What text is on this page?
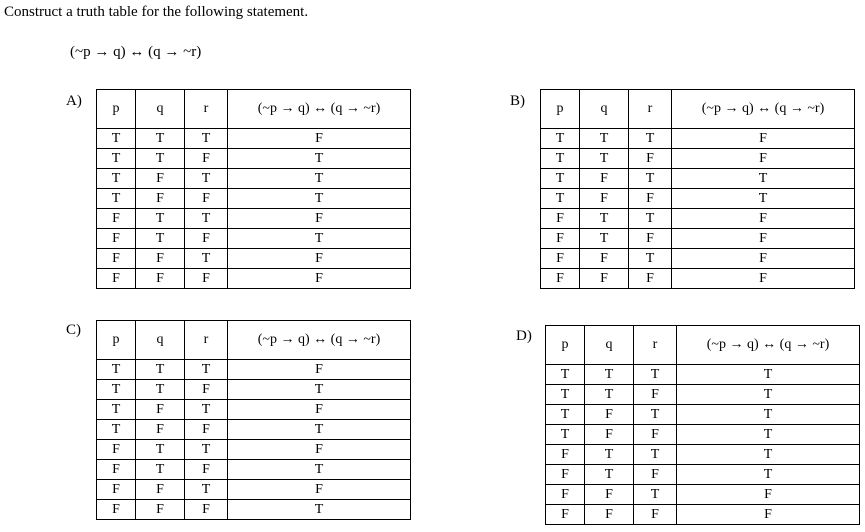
Construct a truth table for the following statement.
(~p → q) ↔ (q → ~r)
A) p	q	r	(~p → q) ↔ (q → ~r)
T	T	T	F
T	T	F	T
T	F	T	T
T	F	F	T
F	T	T	F
F	T	F	T
F	F	T	F
F	F	F	F
B) p	q	r	(~p → q) ↔ (q → ~r)
T	T	T	F
T	T	F	F
T	F	T	T
T	F	F	T
F	T	T	F
F	T	F	F
F	F	T	F
F	F	F	F
C)
p	q	r	(~p → q) ↔ (q → ~r)
T	T	T	F
T	T	F	T
T	F	T	F
T	F	F	T
F	T	T	F
F	T	F	T
F	F	T	F
F	F	F	T
D)
p	q	r	(~p → q) ↔ (q → ~r)
T	T	T	T
T	T	F	T
T	F	T	T
T	F	F	T
F	T	T	T
F	T	F	T
F	F	T	F
F	F	F	F
